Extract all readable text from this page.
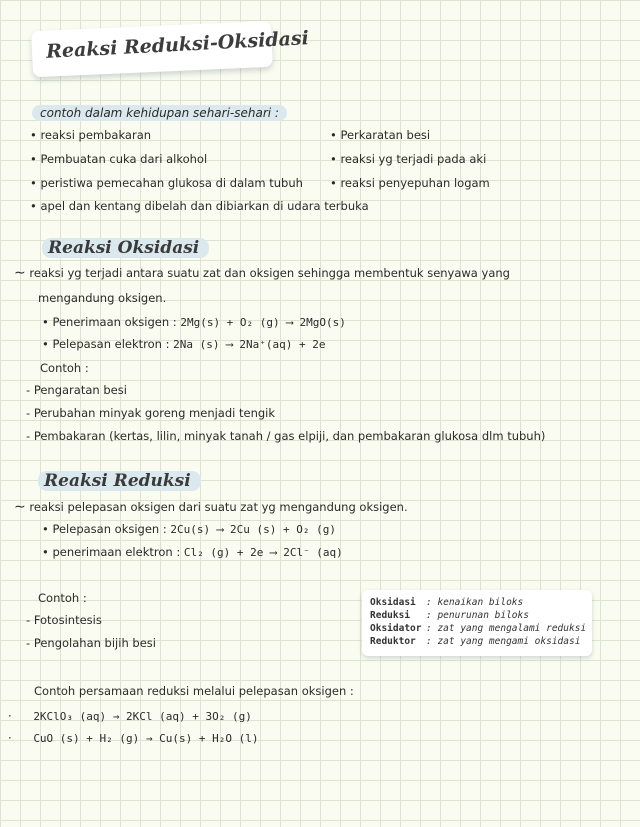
Reaksi Reduksi-Oksidasi
contoh dalam kehidupan sehari-sehari :
• reaksi pembakaran
• Pembuatan cuka dari alkohol
• peristiwa pemecahan glukosa di dalam tubuh
• apel dan kentang dibelah dan dibiarkan di udara terbuka
• Perkaratan besi
• reaksi yg terjadi pada aki
• reaksi penyepuhan logam
Reaksi Oksidasi
∼ reaksi yg terjadi antara suatu zat dan oksigen sehingga membentuk senyawa yang
mengandung oksigen.
• Penerimaan oksigen : 2Mg(s) + O₂ (g) ⟶ 2MgO(s)
• Pelepasan elektron : 2Na (s) ⟶ 2Na⁺(aq) + 2e
Contoh :
- Pengaratan besi
- Perubahan minyak goreng menjadi tengik
- Pembakaran (kertas, lilin, minyak tanah / gas elpiji, dan pembakaran glukosa dlm tubuh)
Reaksi Reduksi
∼ reaksi pelepasan oksigen dari suatu zat yg mengandung oksigen.
• Pelepasan oksigen : 2Cu(s) ⟶ 2Cu (s) + O₂ (g)
• penerimaan elektron : Cl₂ (g) + 2e ⟶ 2Cl⁻ (aq)
Contoh :
- Fotosintesis
- Pengolahan bijih besi
Oksidasi : kenaikan biloks
Reduksi : penurunan biloks
Oksidator : zat yang mengalami reduksi
Reduktor : zat yang mengami oksidasi
Contoh persamaan reduksi melalui pelepasan oksigen :
· 2KClO₃ (aq) → 2KCl (aq) + 3O₂ (g)
· CuO (s) + H₂ (g) → Cu(s) + H₂O (l)
